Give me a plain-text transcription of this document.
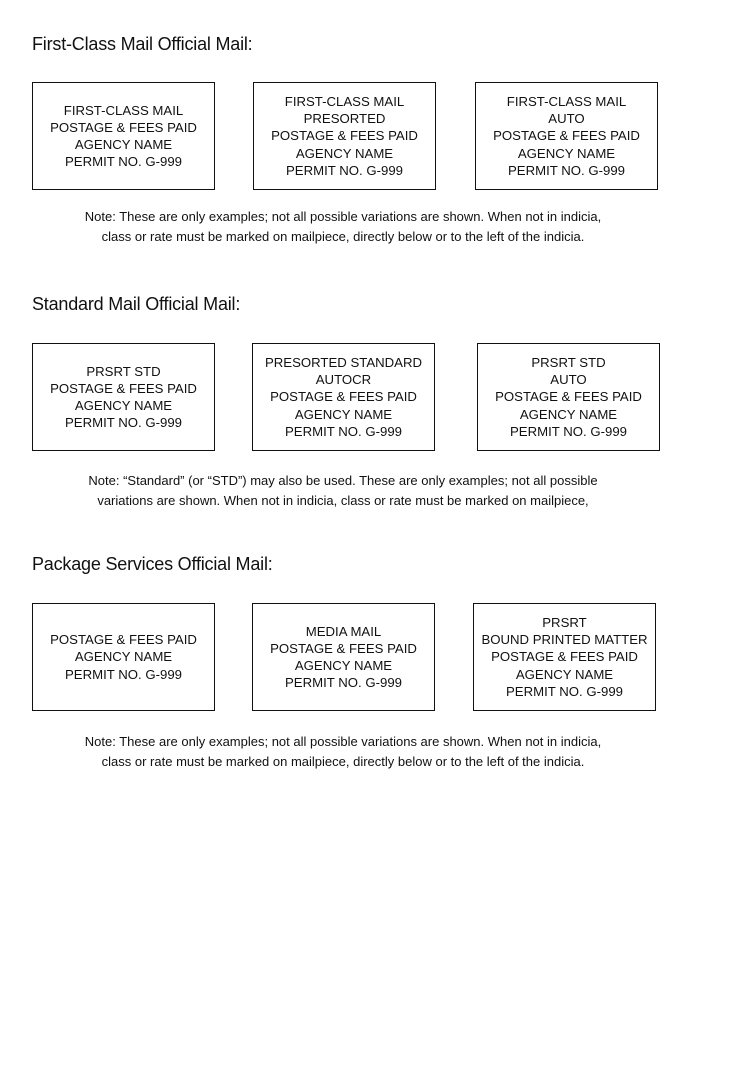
First-Class Mail Official Mail:
FIRST-CLASS MAIL
POSTAGE & FEES PAID
AGENCY NAME
PERMIT NO. G-999
FIRST-CLASS MAIL
PRESORTED
POSTAGE & FEES PAID
AGENCY NAME
PERMIT NO. G-999
FIRST-CLASS MAIL
AUTO
POSTAGE & FEES PAID
AGENCY NAME
PERMIT NO. G-999
Note: These are only examples; not all possible variations are shown. When not in indicia,
class or rate must be marked on mailpiece, directly below or to the left of the indicia.
Standard Mail Official Mail:
PRSRT STD
POSTAGE & FEES PAID
AGENCY NAME
PERMIT NO. G-999
PRESORTED STANDARD
AUTOCR
POSTAGE & FEES PAID
AGENCY NAME
PERMIT NO. G-999
PRSRT STD
AUTO
POSTAGE & FEES PAID
AGENCY NAME
PERMIT NO. G-999
Note: “Standard” (or “STD”) may also be used. These are only examples; not all possible
variations are shown. When not in indicia, class or rate must be marked on mailpiece,
Package Services Official Mail:
POSTAGE & FEES PAID
AGENCY NAME
PERMIT NO. G-999
MEDIA MAIL
POSTAGE & FEES PAID
AGENCY NAME
PERMIT NO. G-999
PRSRT
BOUND PRINTED MATTER
POSTAGE & FEES PAID
AGENCY NAME
PERMIT NO. G-999
Note: These are only examples; not all possible variations are shown. When not in indicia,
class or rate must be marked on mailpiece, directly below or to the left of the indicia.
